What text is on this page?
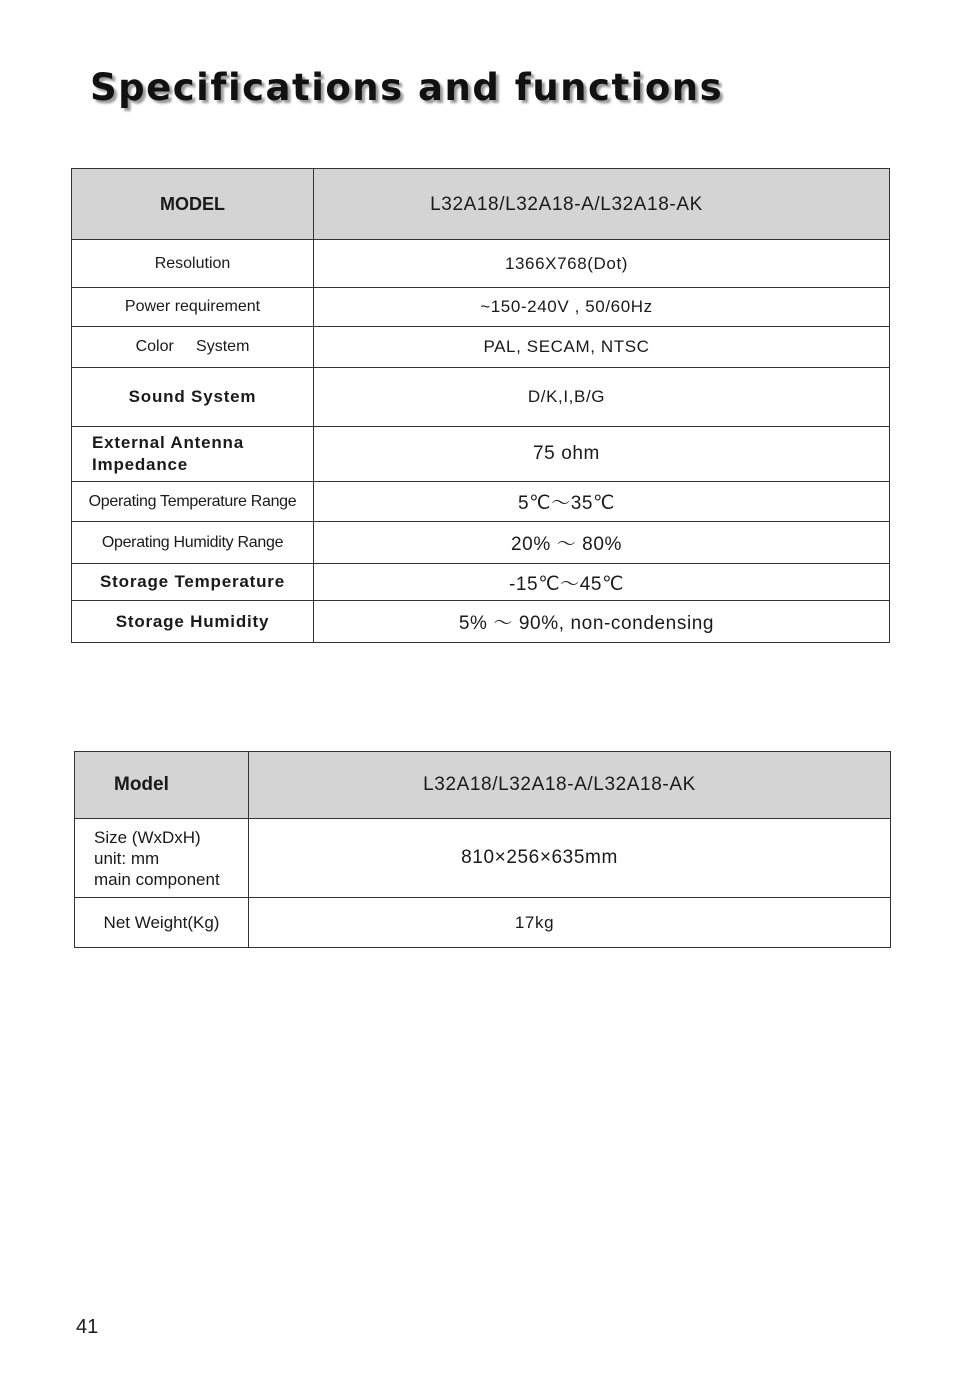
Specifications and functions
MODEL	L32A18/L32A18-A/L32A18-AK
Resolution	1366X768(Dot)
Power requirement	~150-240V , 50/60Hz
Color     System	PAL, SECAM, NTSC
Sound System	D/K,I,B/G
External Antenna Impedance	75 ohm
Operating Temperature Range	5℃～35℃
Operating Humidity Range	20% ～ 80%
Storage Temperature	-15℃～45℃
Storage Humidity	5% ～ 90%, non-condensing
Model	L32A18/L32A18-A/L32A18-AK

Size (WxDxH)
unit: mm
main component	810×256×635mm
Net Weight(Kg)	17kg
41
